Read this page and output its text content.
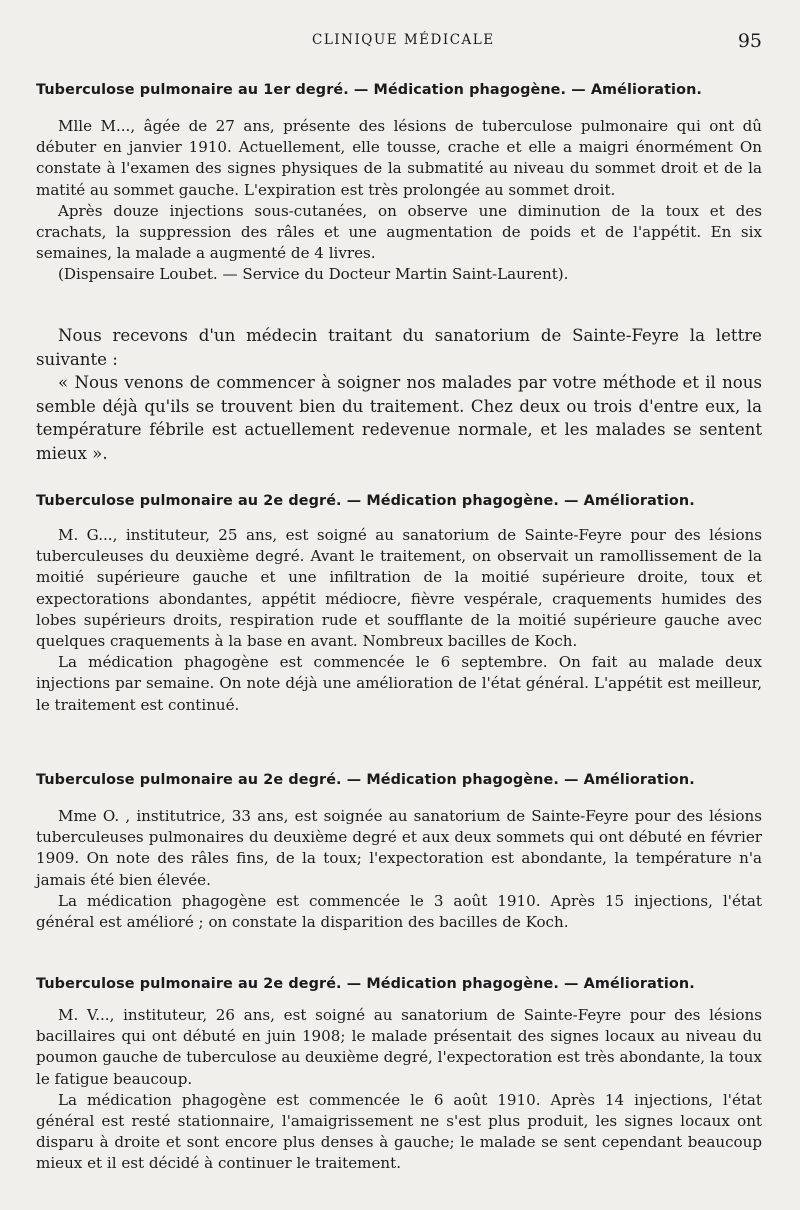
CLINIQUE MÉDICALE	95
Tuberculose pulmonaire au 1er degré. — Médication phagogène. — Amélioration.

Mlle M..., âgée de 27 ans, présente des lésions de tuberculose pulmonaire qui ont dû débuter en janvier 1910. Actuellement, elle tousse, crache et elle a maigri énormément On constate à l'examen des signes physiques de la submatité au niveau du sommet droit et de la matité au sommet gauche. L'expiration est très prolongée au sommet droit.

Après douze injections sous-cutanées, on observe une diminution de la toux et des crachats, la suppression des râles et une augmentation de poids et de l'appétit. En six semaines, la malade a augmenté de 4 livres.

(Dispensaire Loubet. — Service du Docteur Martin Saint-Laurent).

Nous recevons d'un médecin traitant du sanatorium de Sainte-Feyre la lettre suivante :

« Nous venons de commencer à soigner nos malades par votre méthode et il nous semble déjà qu'ils se trouvent bien du traitement. Chez deux ou trois d'entre eux, la température fébrile est actuellement redevenue normale, et les malades se sentent mieux ».

Tuberculose pulmonaire au 2e degré. — Médication phagogène. — Amélioration.

M. G..., instituteur, 25 ans, est soigné au sanatorium de Sainte-Feyre pour des lésions tuberculeuses du deuxième degré. Avant le traitement, on observait un ramollissement de la moitié supérieure gauche et une infiltration de la moitié supérieure droite, toux et expectorations abondantes, appétit médiocre, fièvre vespérale, craquements humides des lobes supérieurs droits, respiration rude et soufflante de la moitié supérieure gauche avec quelques craquements à la base en avant. Nombreux bacilles de Koch.

La médication phagogène est commencée le 6 septembre. On fait au malade deux injections par semaine. On note déjà une amélioration de l'état général. L'appétit est meilleur, le traitement est continué.

Tuberculose pulmonaire au 2e degré. — Médication phagogène. — Amélioration.

Mme O. , institutrice, 33 ans, est soignée au sanatorium de Sainte-Feyre pour des lésions tuberculeuses pulmonaires du deuxième degré et aux deux sommets qui ont débuté en février 1909. On note des râles fins, de la toux; l'expectoration est abondante, la température n'a jamais été bien élevée.

La médication phagogène est commencée le 3 août 1910. Après 15 injections, l'état général est amélioré ; on constate la disparition des bacilles de Koch.

Tuberculose pulmonaire au 2e degré. — Médication phagogène. — Amélioration.

M. V..., instituteur, 26 ans, est soigné au sanatorium de Sainte-Feyre pour des lésions bacillaires qui ont débuté en juin 1908; le malade présentait des signes locaux au niveau du poumon gauche de tuberculose au deuxième degré, l'expectoration est très abondante, la toux le fatigue beaucoup.

La médication phagogène est commencée le 6 août 1910. Après 14 injections, l'état général est resté stationnaire, l'amaigrissement ne s'est plus produit, les signes locaux ont disparu à droite et sont encore plus denses à gauche; le malade se sent cependant beaucoup mieux et il est décidé à continuer le traitement.
